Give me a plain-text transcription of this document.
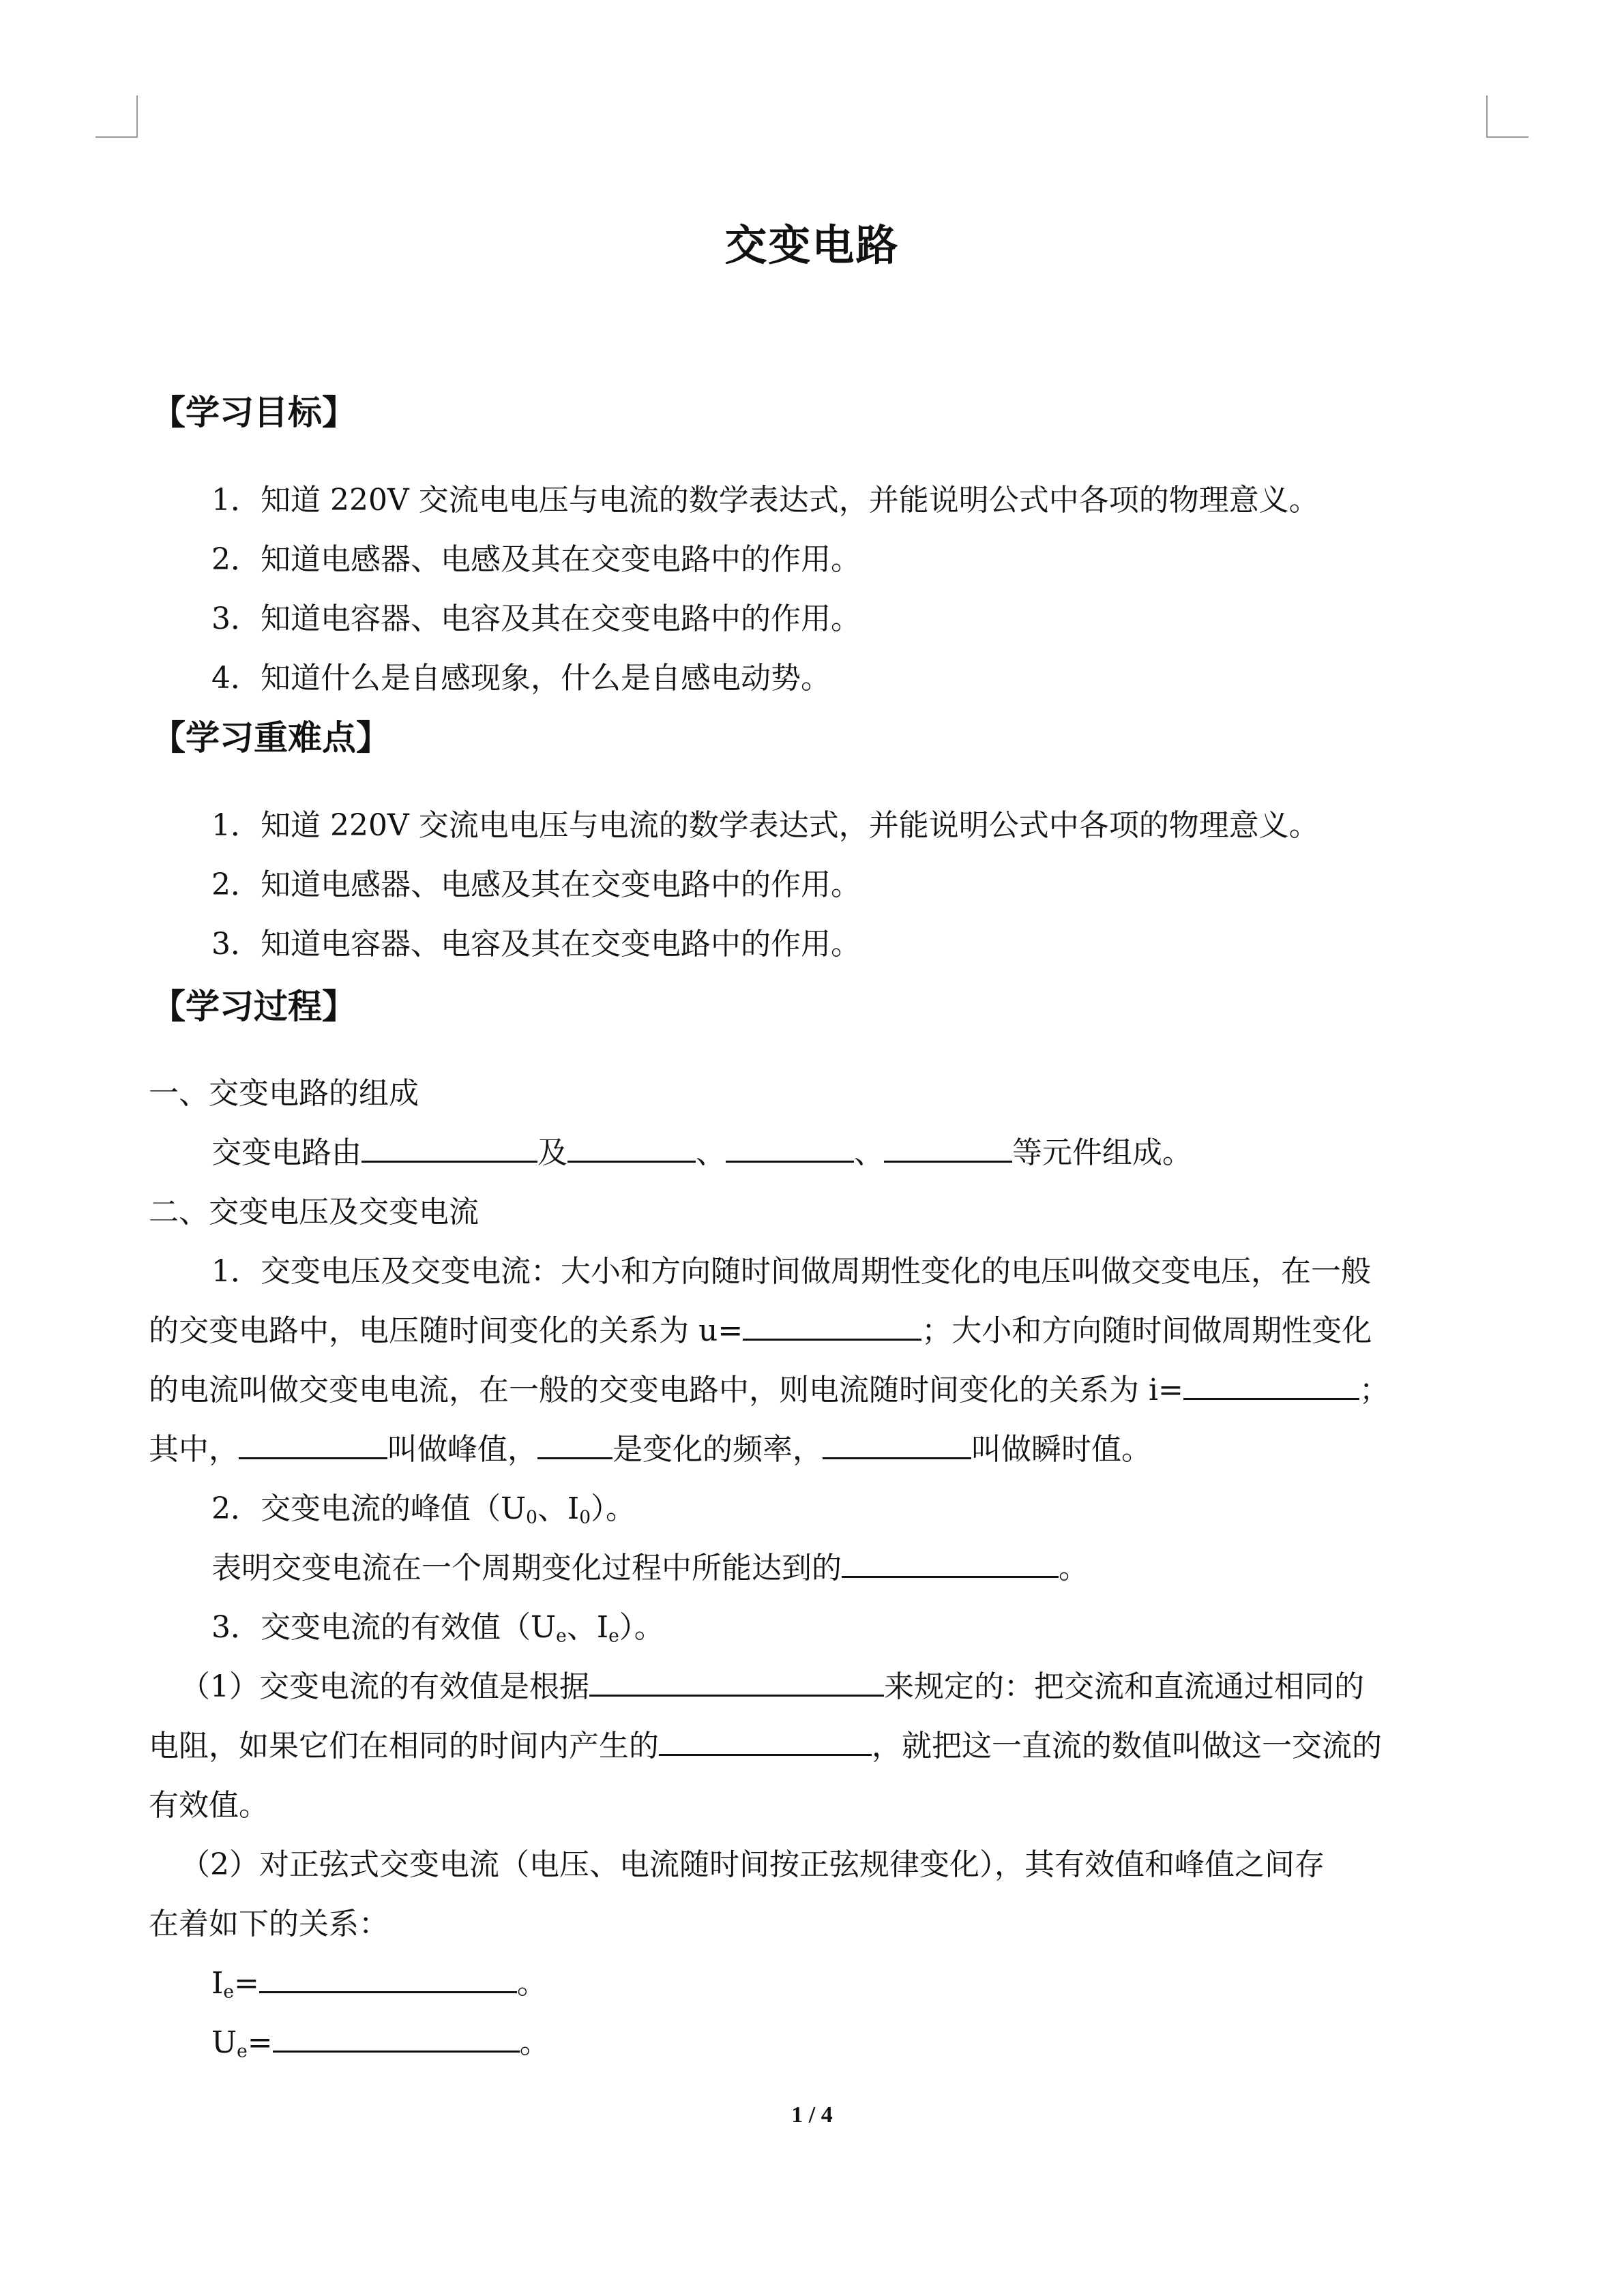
交变电路
【学习目标】
1．知道 220V 交流电电压与电流的数学表达式，并能说明公式中各项的物理意义。
2．知道电感器、电感及其在交变电路中的作用。
3．知道电容器、电容及其在交变电路中的作用。
4．知道什么是自感现象，什么是自感电动势。
【学习重难点】
1．知道 220V 交流电电压与电流的数学表达式，并能说明公式中各项的物理意义。
2．知道电感器、电感及其在交变电路中的作用。
3．知道电容器、电容及其在交变电路中的作用。
【学习过程】
一、交变电路的组成
交变电路由	及	、	、	等元件组成。
二、交变电压及交变电流
1．交变电压及交变电流：大小和方向随时间做周期性变化的电压叫做交变电压，在一般
的交变电路中，电压随时间变化的关系为 u=	；大小和方向随时间做周期性变化
的电流叫做交变电电流，在一般的交变电路中，则电流随时间变化的关系为 i=	；
其中，	叫做峰值，	是变化的频率，	叫做瞬时值。
2．交变电流的峰值（$U_0$、$I_0$）。
表明交变电流在一个周期变化过程中所能达到的	。
3．交变电流的有效值（$U_e$、$I_e$）。
（1）交变电流的有效值是根据	来规定的：把交流和直流通过相同的
电阻，如果它们在相同的时间内产生的	，就把这一直流的数值叫做这一交流的
有效值。
（2）对正弦式交变电流（电压、电流随时间按正弦规律变化），其有效值和峰值之间存
在着如下的关系：
$I_e=$	。
$U_e=$	。
1 / 4
